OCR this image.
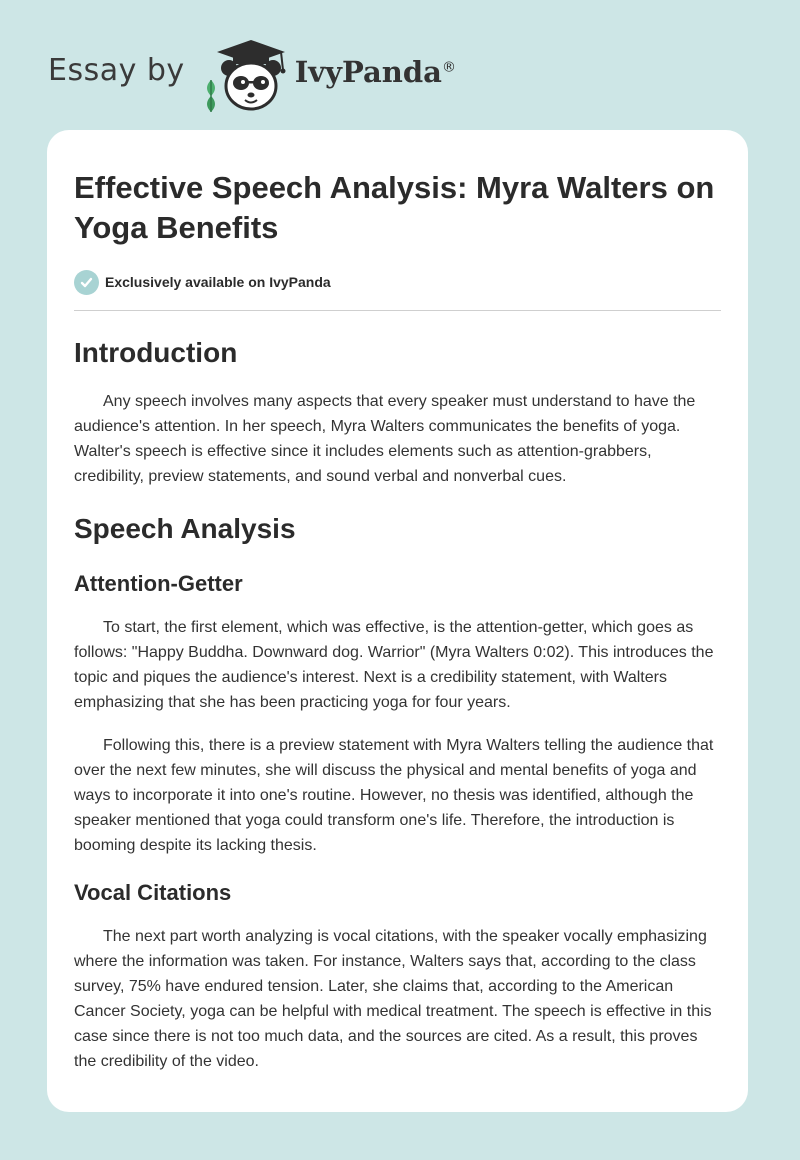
Essay by	IvyPanda®
Effective Speech Analysis: Myra Walters on Yoga Benefits
Exclusively available on IvyPanda
Introduction

Any speech involves many aspects that every speaker must understand to have the audience's attention. In her speech, Myra Walters communicates the benefits of yoga. Walter's speech is effective since it includes elements such as attention-grabbers, credibility, preview statements, and sound verbal and nonverbal cues.

Speech Analysis
Attention-Getter

To start, the first element, which was effective, is the attention-getter, which goes as follows: "Happy Buddha. Downward dog. Warrior" (Myra Walters 0:02). This introduces the topic and piques the audience's interest. Next is a credibility statement, with Walters emphasizing that she has been practicing yoga for four years.

Following this, there is a preview statement with Myra Walters telling the audience that over the next few minutes, she will discuss the physical and mental benefits of yoga and ways to incorporate it into one's routine. However, no thesis was identified, although the speaker mentioned that yoga could transform one's life. Therefore, the introduction is booming despite its lacking thesis.

Vocal Citations

The next part worth analyzing is vocal citations, with the speaker vocally emphasizing where the information was taken. For instance, Walters says that, according to the class survey, 75% have endured tension. Later, she claims that, according to the American Cancer Society, yoga can be helpful with medical treatment. The speech is effective in this case since there is not too much data, and the sources are cited. As a result, this proves the credibility of the video.
